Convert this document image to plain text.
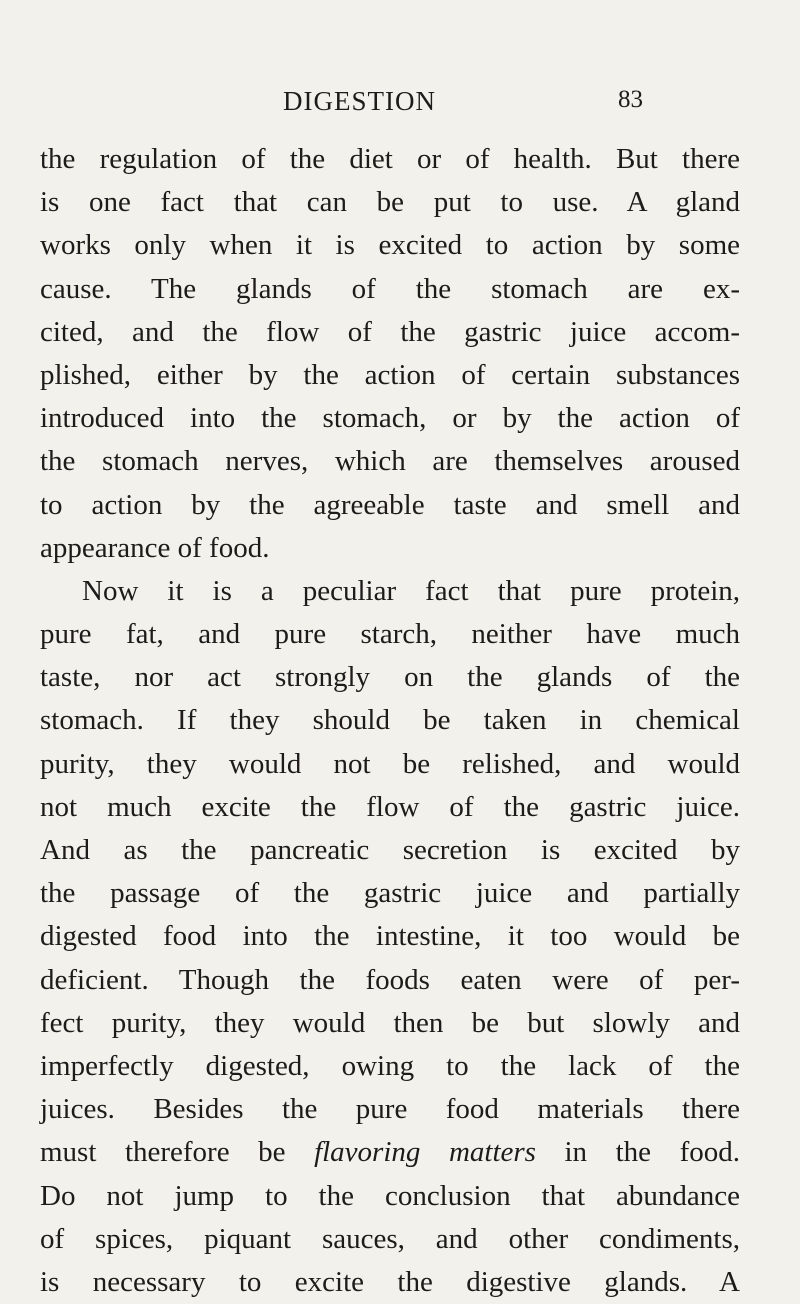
DIGESTION	83
the regulation of the diet or of health. But there
is one fact that can be put to use. A gland
works only when it is excited to action by some
cause. The glands of the stomach are ex-
cited, and the flow of the gastric juice accom-
plished, either by the action of certain substances
introduced into the stomach, or by the action of
the stomach nerves, which are themselves aroused
to action by the agreeable taste and smell and
appearance of food.
Now it is a peculiar fact that pure protein,
pure fat, and pure starch, neither have much
taste, nor act strongly on the glands of the
stomach. If they should be taken in chemical
purity, they would not be relished, and would
not much excite the flow of the gastric juice.
And as the pancreatic secretion is excited by
the passage of the gastric juice and partially
digested food into the intestine, it too would be
deficient. Though the foods eaten were of per-
fect purity, they would then be but slowly and
imperfectly digested, owing to the lack of the
juices. Besides the pure food materials there
must therefore be flavoring matters in the food.
Do not jump to the conclusion that abundance
of spices, piquant sauces, and other condiments,
is necessary to excite the digestive glands. A
